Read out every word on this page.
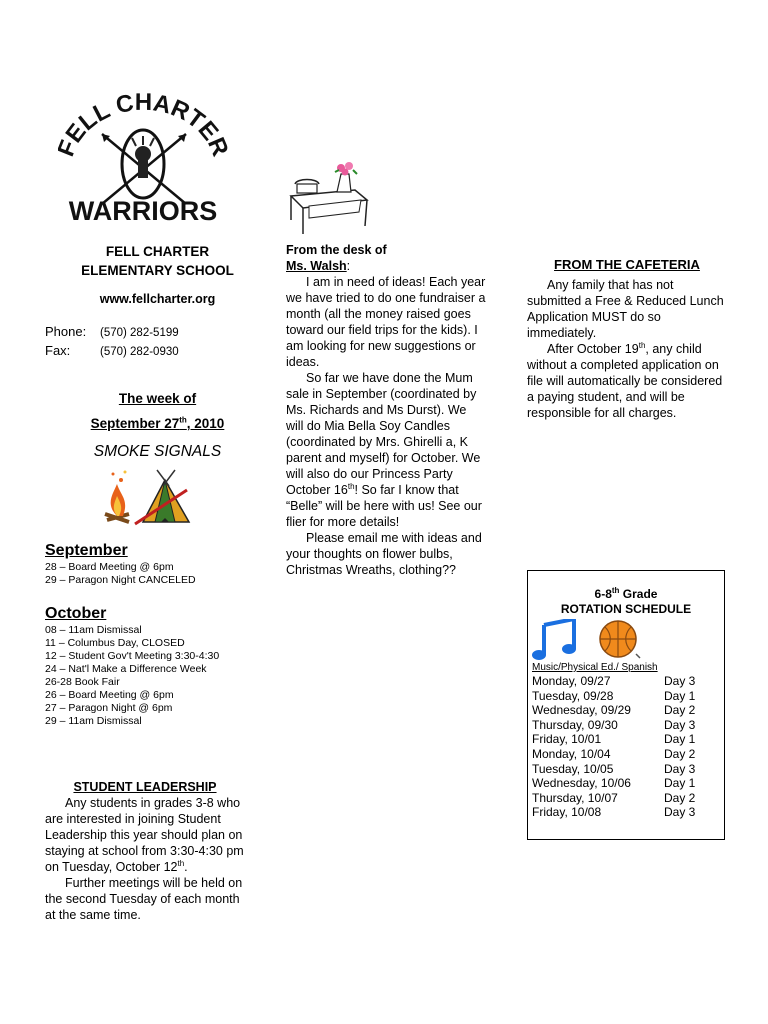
ELL CHARTE
WARRIORS
FELL CHARTER
ELEMENTARY SCHOOL
www.fellcharter.org
Phone: (570) 282-5199
Fax:	(570) 282-0930
The week of
September 27th, 2010
SMOKE SIGNALS
September
28 – Board Meeting @ 6pm
29 – Paragon Night CANCELED
October
08 – 11am Dismissal
11 – Columbus Day, CLOSED
12 – Student Gov't Meeting 3:30-4:30
24 – Nat'l Make a Difference Week
26-28 Book Fair
26 – Board Meeting @ 6pm
27 – Paragon Night @ 6pm
29 – 11am Dismissal
STUDENT LEADERSHIP

Any students in grades 3-8 who are interested in joining Student Leadership this year should plan on staying at school from 3:30-4:30 pm on Tuesday, October 12th.

Further meetings will be held on the second Tuesday of each month at the same time.

From the desk of
Ms. Walsh:

I am in need of ideas! Each year we have tried to do one fundraiser a month (all the money raised goes toward our field trips for the kids). I am looking for new suggestions or ideas.

So far we have done the Mum sale in September (coordinated by Ms. Richards and Ms Durst). We will do Mia Bella Soy Candles (coordinated by Mrs. Ghirelli a, K parent and myself) for October. We will also do our Princess Party October 16th! So far I know that “Belle” will be here with us! See our flier for more details!

Please email me with ideas and your thoughts on flower bulbs, Christmas Wreaths, clothing??

FROM THE CAFETERIA

Any family that has not submitted a Free & Reduced Lunch Application MUST do so immediately.

After October 19th, any child without a completed application on file will automatically be considered a paying student, and will be responsible for all charges.

6-8th Grade
ROTATION SCHEDULE
Music/Physical Ed./ Spanish
Monday, 09/27	Day 3
Tuesday, 09/28	Day 1
Wednesday, 09/29	Day 2
Thursday, 09/30	Day 3
Friday, 10/01	Day 1
Monday, 10/04	Day 2
Tuesday, 10/05	Day 3
Wednesday, 10/06	Day 1
Thursday, 10/07	Day 2
Friday, 10/08	Day 3
